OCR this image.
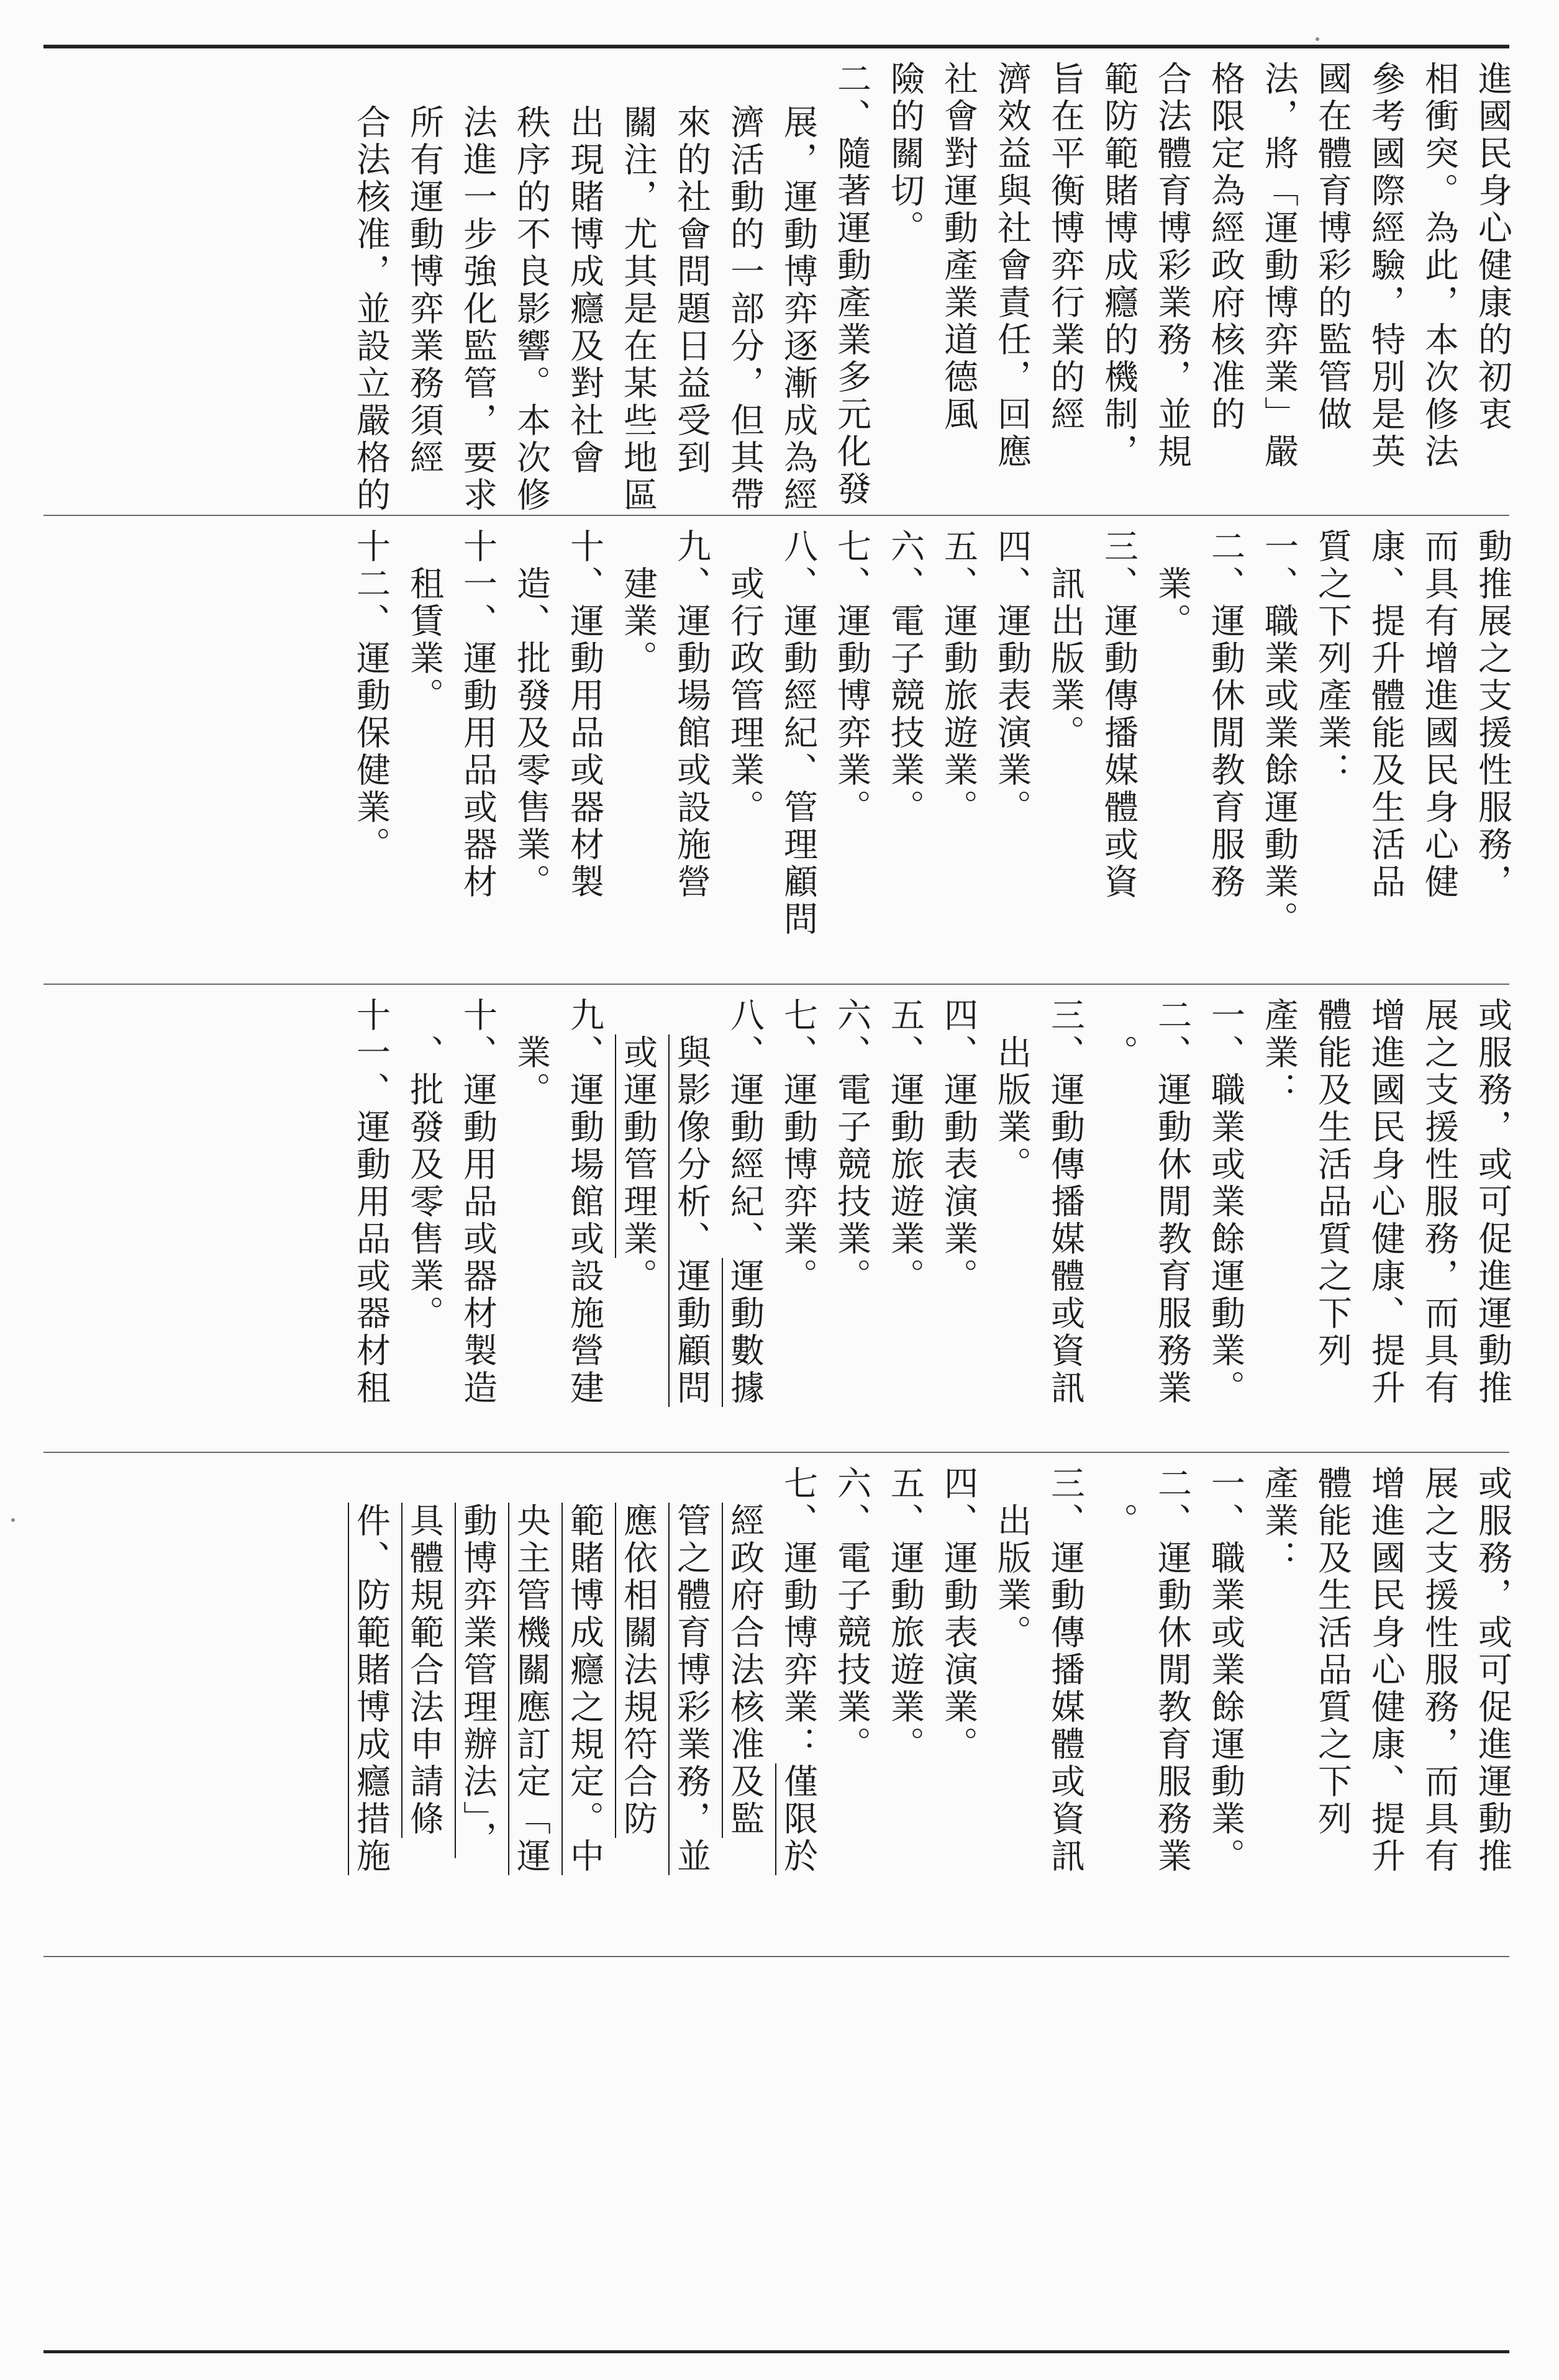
進國民身心健康的初衷
相衝突。為此，本次修法
參考國際經驗，特別是英
國在體育博彩的監管做
法，將「運動博弈業」嚴
格限定為經政府核准的
合法體育博彩業務，並規
範防範賭博成癮的機制，
旨在平衡博弈行業的經
濟效益與社會責任，回應
社會對運動產業道德風
險的關切。
二、隨著運動產業多元化發
展，運動博弈逐漸成為經
濟活動的一部分，但其帶
來的社會問題日益受到
關注，尤其是在某些地區
出現賭博成癮及對社會
秩序的不良影響。本次修
法進一步強化監管，要求
所有運動博弈業務須經
合法核准，並設立嚴格的
動推展之支援性服務，
而具有增進國民身心健
康、提升體能及生活品
質之下列產業：
一、職業或業餘運動業。
二、運動休閒教育服務
業。
三、運動傳播媒體或資
訊出版業。
四、運動表演業。
五、運動旅遊業。
六、電子競技業。
七、運動博弈業。
八、運動經紀、管理顧問
或行政管理業。
九、運動場館或設施營
建業。
十、運動用品或器材製
造、批發及零售業。
十一、運動用品或器材
租賃業。
十二、運動保健業。
或服務，或可促進運動推
展之支援性服務，而具有
增進國民身心健康、提升
體能及生活品質之下列
產業：
一、職業或業餘運動業。
二、運動休閒教育服務業
。
三、運動傳播媒體或資訊
出版業。
四、運動表演業。
五、運動旅遊業。
六、電子競技業。
七、運動博弈業。
八、運動經紀、運動數據
與影像分析、運動顧問
或運動管理業。
九、運動場館或設施營建
業。
十、運動用品或器材製造
、批發及零售業。
十一、運動用品或器材租
或服務，或可促進運動推
展之支援性服務，而具有
增進國民身心健康、提升
體能及生活品質之下列
產業：
一、職業或業餘運動業。
二、運動休閒教育服務業
。
三、運動傳播媒體或資訊
出版業。
四、運動表演業。
五、運動旅遊業。
六、電子競技業。
七、運動博弈業：僅限於
經政府合法核准及監
管之體育博彩業務，並
應依相關法規符合防
範賭博成癮之規定。中
央主管機關應訂定「運
動博弈業管理辦法」，
具體規範合法申請條
件、防範賭博成癮措施
